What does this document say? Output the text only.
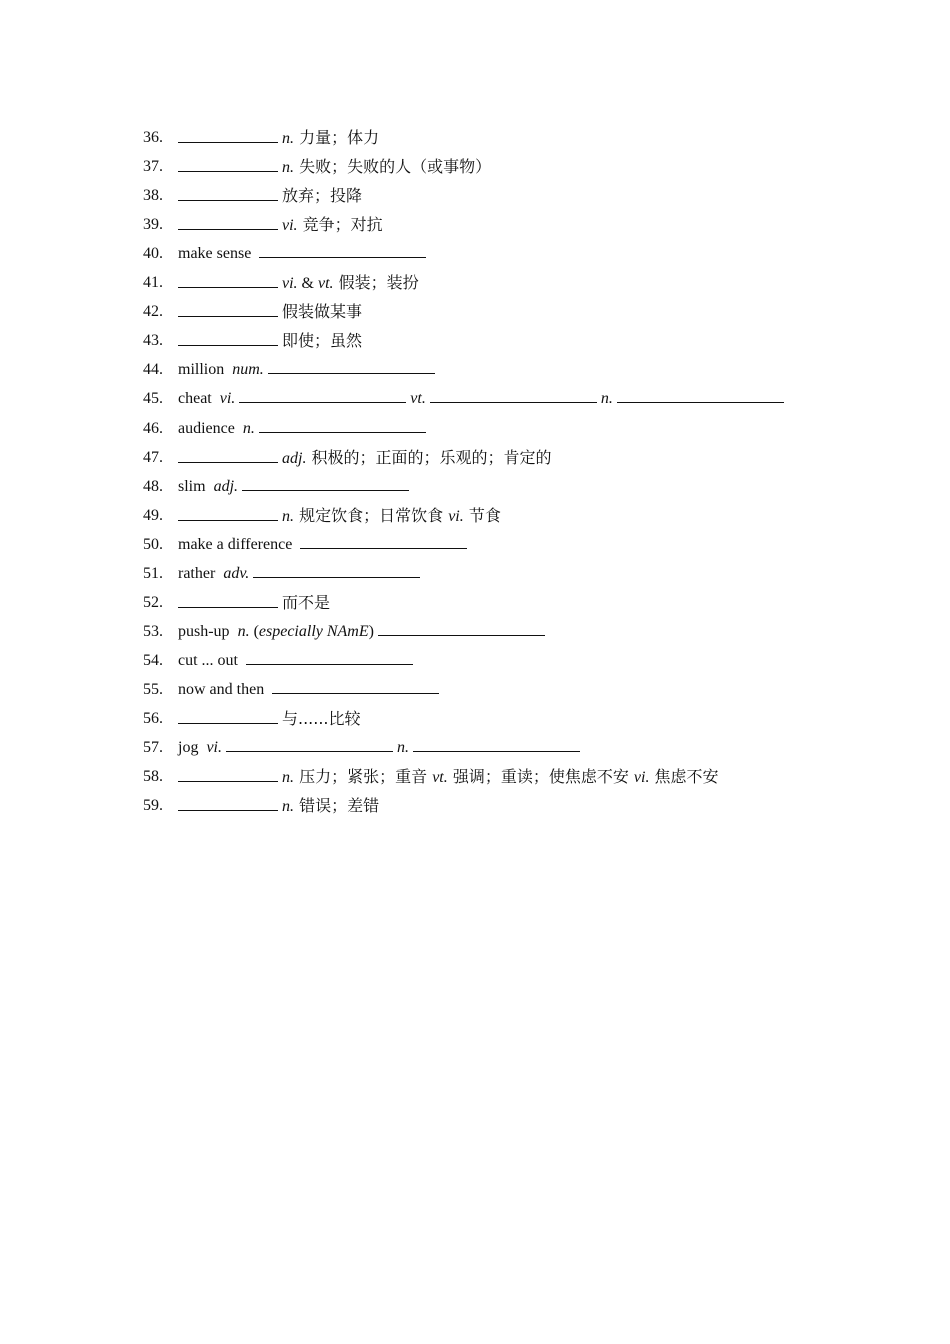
36.	n. 力量；体力
37.	n. 失败；失败的人（或事物）
38.	放弃；投降
39.	vi. 竞争；对抗
40. make sense
41.	vi. & vt. 假装；装扮
42.	假装做某事
43.	即使；虽然
44. million  num.
45. cheat  vi.	vt.	n.
46. audience  n.
47.	adj. 积极的；正面的；乐观的；肯定的
48. slim  adj.
49.	n. 规定饮食；日常饮食 vi. 节食
50. make a difference
51. rather  adv.
52.	而不是
53. push-up  n. (especially NAmE)
54. cut ... out
55. now and then
56.	与......比较
57. jog  vi.	n.
58.	n. 压力；紧张；重音 vt. 强调；重读；使焦虑不安 vi. 焦虑不安
59.	n. 错误；差错
